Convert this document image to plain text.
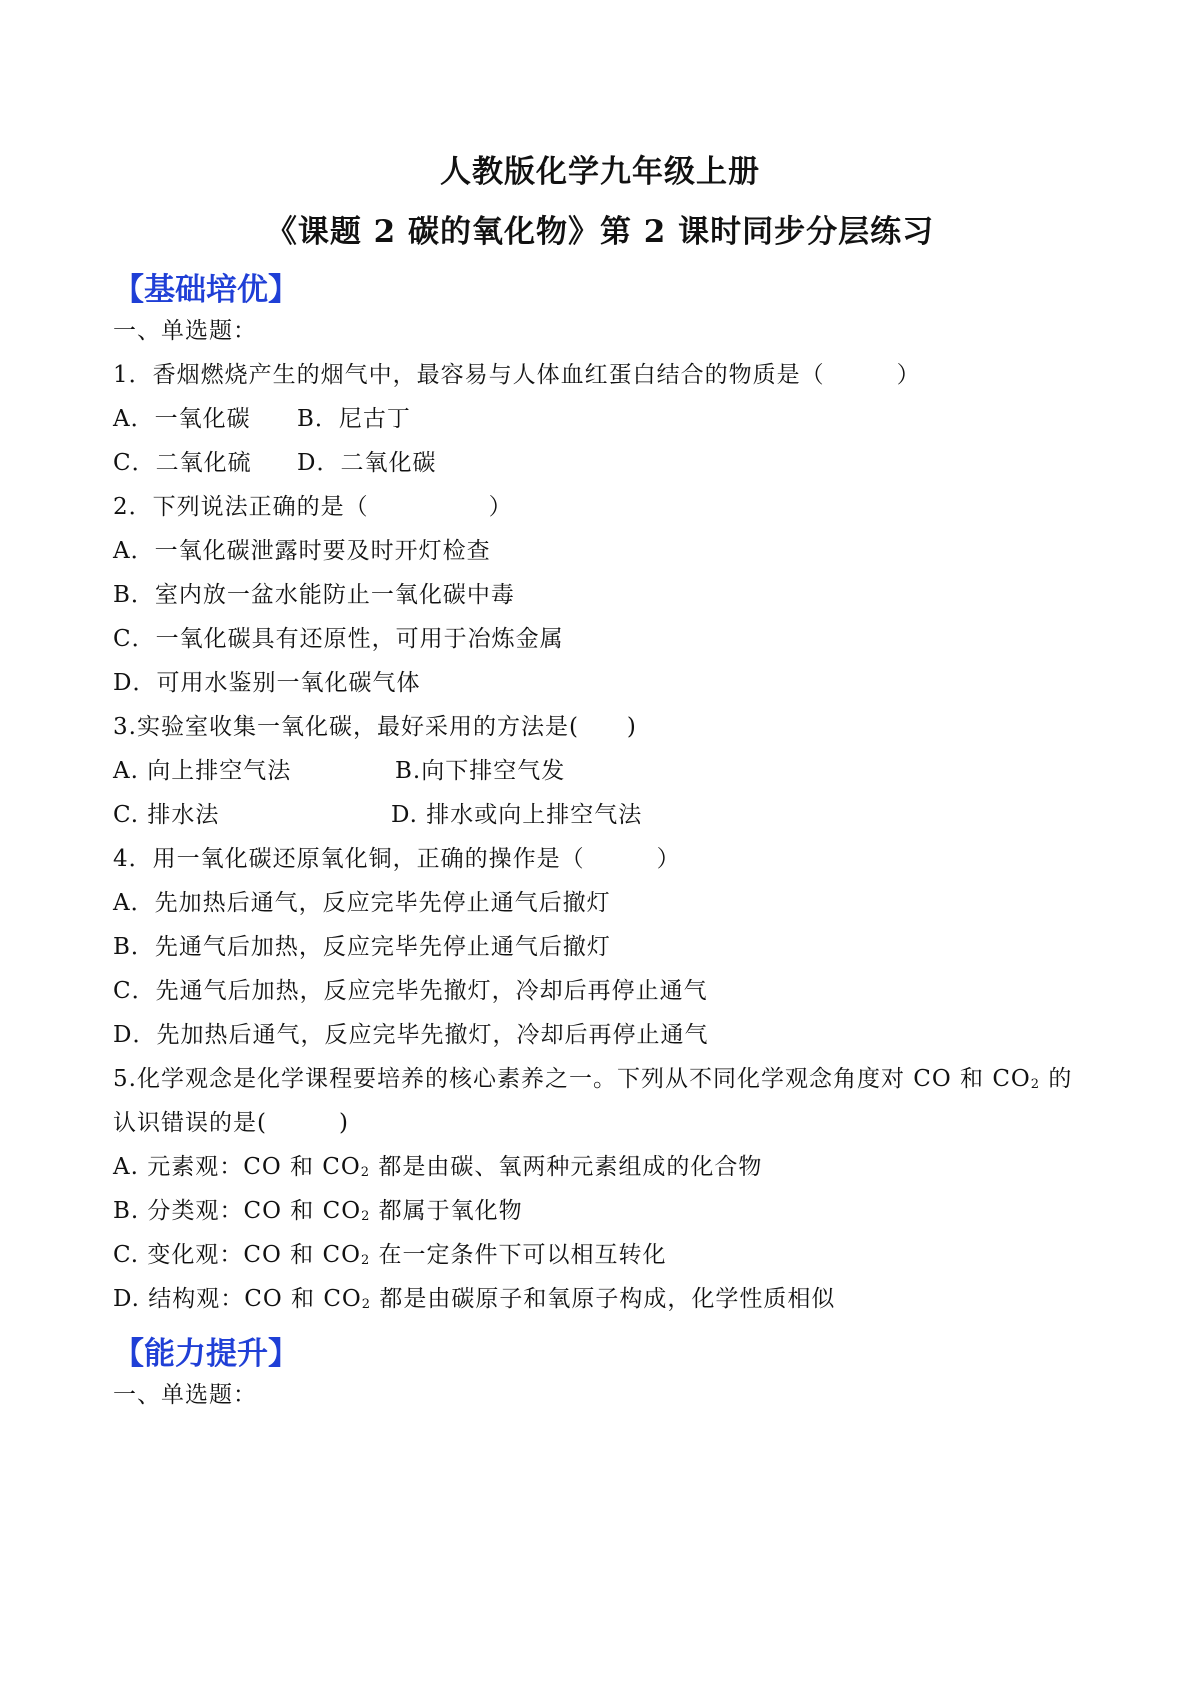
人教版化学九年级上册
《课题 2 碳的氧化物》第 2 课时同步分层练习
【基础培优】
一、单选题：
1．香烟燃烧产生的烟气中，最容易与人体血红蛋白结合的物质是（　　　）
A．一氧化碳 B．尼古丁
C．二氧化硫 D．二氧化碳
2．下列说法正确的是（　　　　　）
A．一氧化碳泄露时要及时开灯检查
B．室内放一盆水能防止一氧化碳中毒
C．一氧化碳具有还原性，可用于冶炼金属
D．可用水鉴别一氧化碳气体
3.实验室收集一氧化碳，最好采用的方法是(　　)
A. 向上排空气法	B.向下排空气发
C. 排水法	D. 排水或向上排空气法
4．用一氧化碳还原氧化铜，正确的操作是（　　　）
A．先加热后通气，反应完毕先停止通气后撤灯
B．先通气后加热，反应完毕先停止通气后撤灯
C．先通气后加热，反应完毕先撤灯，冷却后再停止通气
D．先加热后通气，反应完毕先撤灯，冷却后再停止通气
5.化学观念是化学课程要培养的核心素养之一。下列从不同化学观念角度对 CO 和 $CO_2$ 的
认识错误的是(　　　)
A. 元素观：CO 和 $CO_2$ 都是由碳、氧两种元素组成的化合物
B. 分类观：CO 和 $CO_2$ 都属于氧化物
C. 变化观：CO 和 $CO_2$ 在一定条件下可以相互转化
D. 结构观：CO 和 $CO_2$ 都是由碳原子和氧原子构成，化学性质相似
【能力提升】
一、单选题：
